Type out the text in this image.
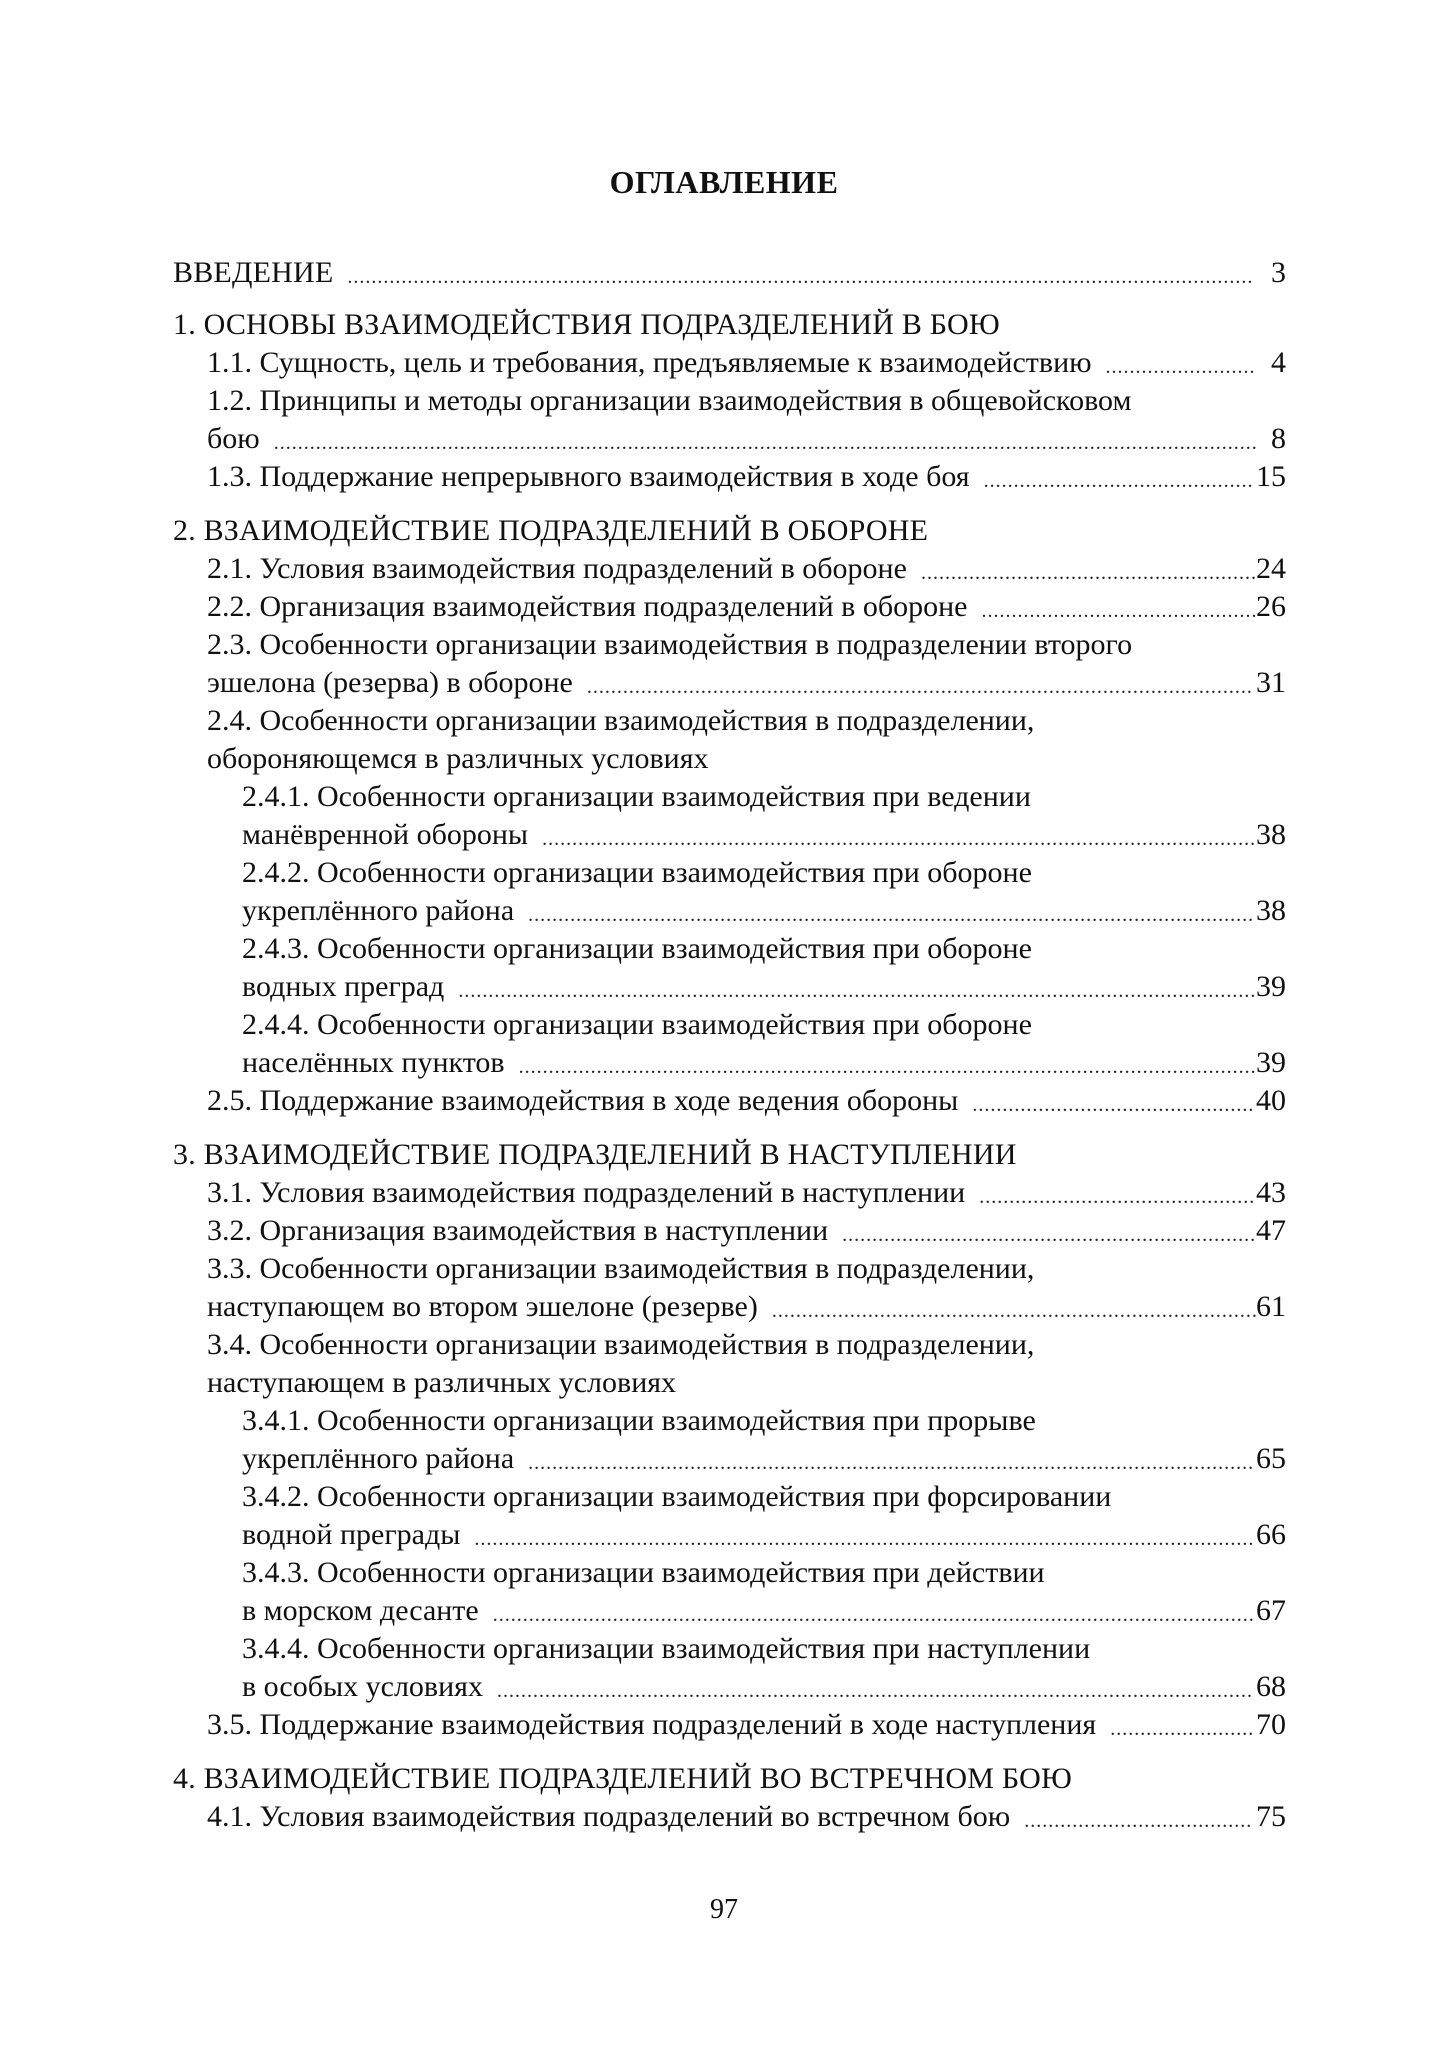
ОГЛАВЛЕНИЕ
ВВЕДЕНИЕ	3
.......................................................................................................................................................
1. ОСНОВЫ ВЗАИМОДЕЙСТВИЯ ПОДРАЗДЕЛЕНИЙ В БОЮ
1.1. Сущность, цель и требования, предъявляемые к взаимодействию	4
.........................
1.2. Принципы и методы организации взаимодействия в общевойсковом
бою	8
....................................................................................................................................................................
1.3. Поддержание непрерывного взаимодействия в ходе боя	15
.............................................
2. ВЗАИМОДЕЙСТВИЕ ПОДРАЗДЕЛЕНИЙ В ОБОРОНЕ
2.1. Условия взаимодействия подразделений в обороне	24
........................................................
2.2. Организация взаимодействия подразделений в обороне	26
..............................................
2.3. Особенности организации взаимодействия в подразделении второго
эшелона (резерва) в обороне	31
...............................................................................................................
2.4. Особенности организации взаимодействия в подразделении,
обороняющемся в различных условиях
2.4.1. Особенности организации взаимодействия при ведении
манёвренной обороны	38
.......................................................................................................................
2.4.2. Особенности организации взаимодействия при обороне
укреплённого района	38
.........................................................................................................................
2.4.3. Особенности организации взаимодействия при обороне
водных преград	39
.....................................................................................................................................
2.4.4. Особенности организации взаимодействия при обороне
населённых пунктов	39
...........................................................................................................................
2.5. Поддержание взаимодействия в ходе ведения обороны	40
...............................................
3. ВЗАИМОДЕЙСТВИЕ ПОДРАЗДЕЛЕНИЙ В НАСТУПЛЕНИИ
3.1. Условия взаимодействия подразделений в наступлении	43
..............................................
3.2. Организация взаимодействия в наступлении	47
.....................................................................
3.3. Особенности организации взаимодействия в подразделении,
наступающем во втором эшелоне (резерве)	61
.................................................................................
3.4. Особенности организации взаимодействия в подразделении,
наступающем в различных условиях
3.4.1. Особенности организации взаимодействия при прорыве
укреплённого района	65
.........................................................................................................................
3.4.2. Особенности организации взаимодействия при форсировании
водной преграды	66
..................................................................................................................................
3.4.3. Особенности организации взаимодействия при действии
в морском десанте	67
...............................................................................................................................
3.4.4. Особенности организации взаимодействия при наступлении
в особых условиях	68
..............................................................................................................................
3.5. Поддержание взаимодействия подразделений в ходе наступления	70
........................
4. ВЗАИМОДЕЙСТВИЕ ПОДРАЗДЕЛЕНИЙ ВО ВСТРЕЧНОМ БОЮ
4.1. Условия взаимодействия подразделений во встречном бою	75
......................................
97
